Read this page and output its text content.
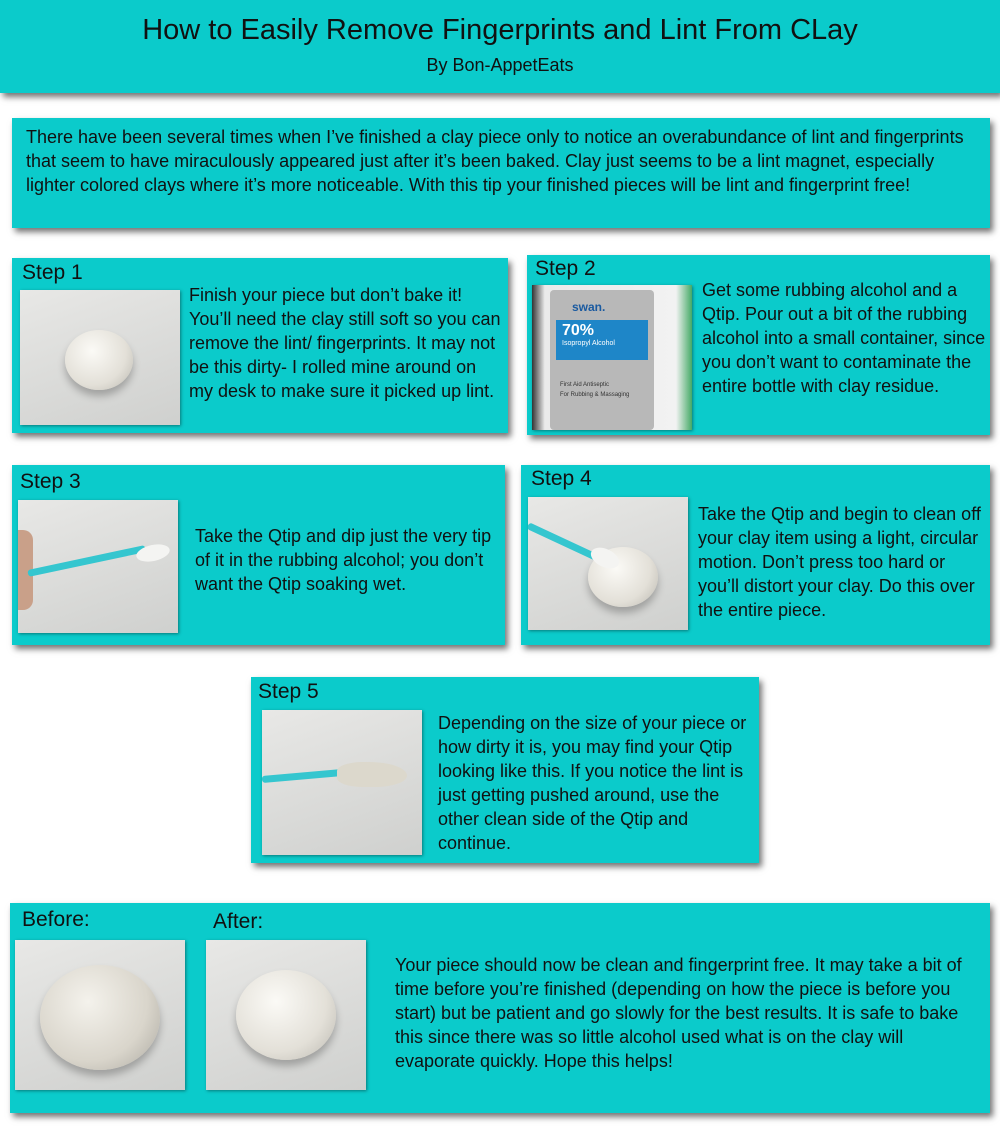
How to Easily Remove Fingerprints and Lint From CLay
By Bon-AppetEats
There have been several times when I’ve finished a clay piece only to notice an overabundance of lint and fingerprints that seem to have miraculously appeared just after it’s been baked. Clay just seems to be a lint magnet, especially lighter colored clays where it’s more noticeable. With this tip your finished pieces will be lint and fingerprint free!
Step 1
Finish your piece but don’t bake it! You’ll need the clay still soft so you can remove the lint/ fingerprints. It may not be this dirty- I rolled mine around on my desk to make sure it picked up lint.
Step 2
swan.
70%
Isopropyl Alcohol
First Aid Antiseptic
For Rubbing & Massaging
Get some rubbing alcohol and a Qtip. Pour out a bit of the rubbing alcohol into a small container, since you don’t want to contaminate the entire bottle with clay residue.
Step 3
Take the Qtip and dip just the very tip of it in the rubbing alcohol; you don’t want the Qtip soaking wet.
Step 4
Take the Qtip and begin to clean off your clay item using a light, circular motion. Don’t press too hard or you’ll distort your clay. Do this over the entire piece.
Step 5
Depending on the size of your piece or how dirty it is, you may find your Qtip looking like this. If you notice the lint is just getting pushed around, use the other clean side of the Qtip and continue.
Before:	After:
Your piece should now be clean and fingerprint free. It may take a bit of time before you’re finished (depending on how the piece is before you start) but be patient and go slowly for the best results. It is safe to bake this since there was so little alcohol used what is on the clay will evaporate quickly. Hope this helps!
